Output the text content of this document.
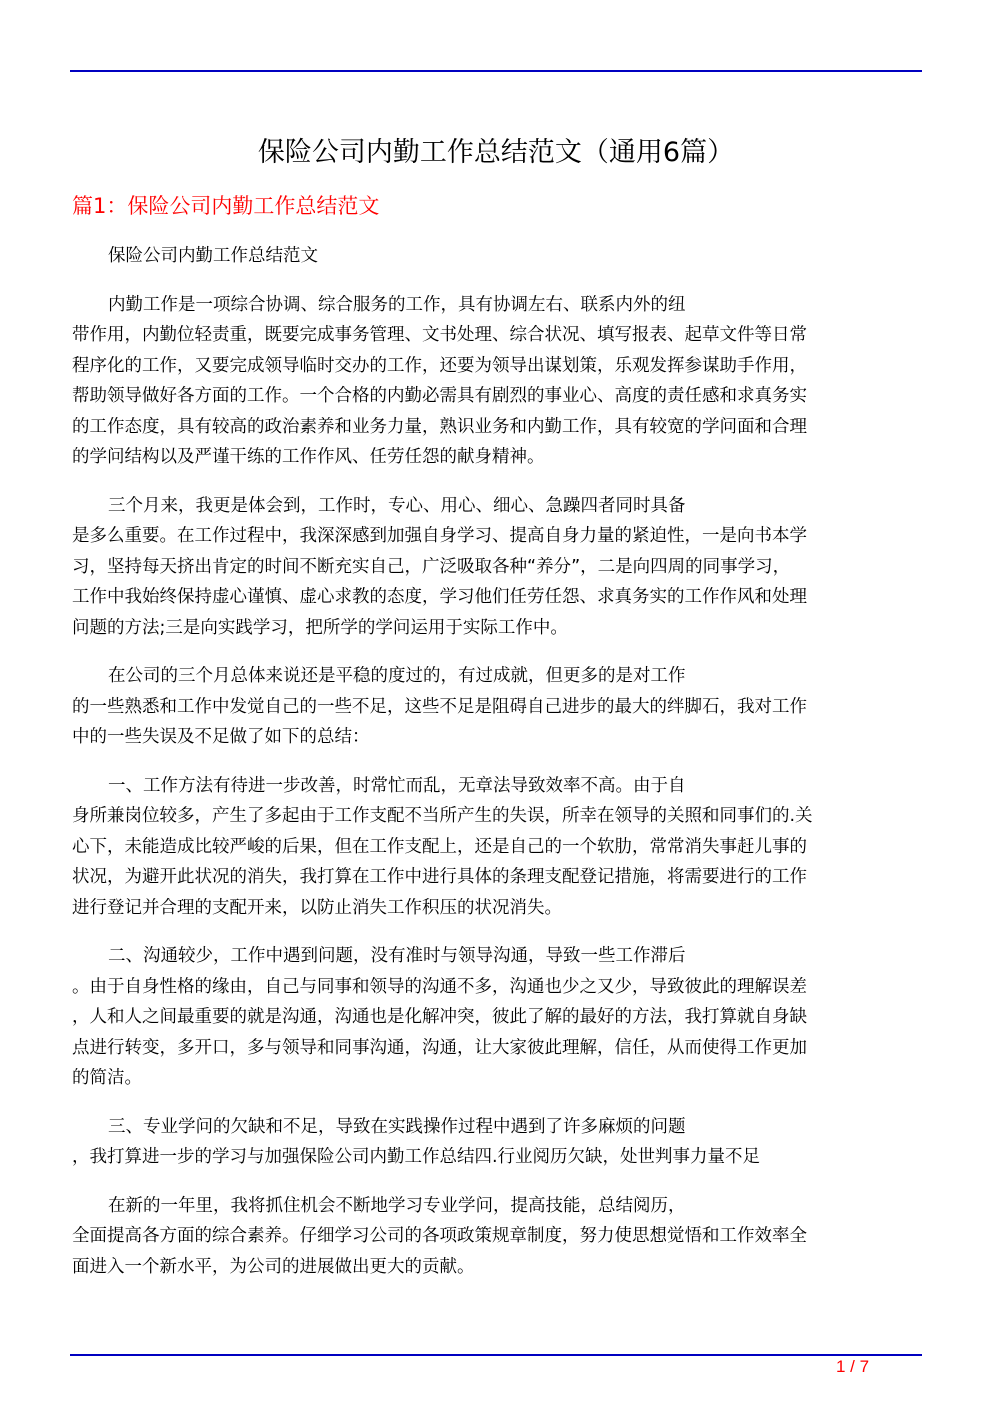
保险公司内勤工作总结范文（通用6篇）
篇1：保险公司内勤工作总结范文
保险公司内勤工作总结范文
内勤工作是一项综合协调、综合服务的工作，具有协调左右、联系内外的纽
带作用，内勤位轻责重，既要完成事务管理、文书处理、综合状况、填写报表、起草文件等日常
程序化的工作，又要完成领导临时交办的工作，还要为领导出谋划策，乐观发挥参谋助手作用，
帮助领导做好各方面的工作。一个合格的内勤必需具有剧烈的事业心、高度的责任感和求真务实
的工作态度，具有较高的政治素养和业务力量，熟识业务和内勤工作，具有较宽的学问面和合理
的学问结构以及严谨干练的工作作风、任劳任怨的献身精神。
三个月来，我更是体会到，工作时，专心、用心、细心、急躁四者同时具备
是多么重要。在工作过程中，我深深感到加强自身学习、提高自身力量的紧迫性，一是向书本学
习，坚持每天挤出肯定的时间不断充实自己，广泛吸取各种“养分”，二是向四周的同事学习，
工作中我始终保持虚心谨慎、虚心求教的态度，学习他们任劳任怨、求真务实的工作作风和处理
问题的方法;三是向实践学习，把所学的学问运用于实际工作中。
在公司的三个月总体来说还是平稳的度过的，有过成就，但更多的是对工作
的一些熟悉和工作中发觉自己的一些不足，这些不足是阻碍自己进步的最大的绊脚石，我对工作
中的一些失误及不足做了如下的总结：
一、工作方法有待进一步改善，时常忙而乱，无章法导致效率不高。由于自
身所兼岗位较多，产生了多起由于工作支配不当所产生的失误，所幸在领导的关照和同事们的.关
心下，未能造成比较严峻的后果，但在工作支配上，还是自己的一个软肋，常常消失事赶儿事的
状况，为避开此状况的消失，我打算在工作中进行具体的条理支配登记措施，将需要进行的工作
进行登记并合理的支配开来，以防止消失工作积压的状况消失。
二、沟通较少，工作中遇到问题，没有准时与领导沟通，导致一些工作滞后
。由于自身性格的缘由，自己与同事和领导的沟通不多，沟通也少之又少，导致彼此的理解误差
，人和人之间最重要的就是沟通，沟通也是化解冲突，彼此了解的最好的方法，我打算就自身缺
点进行转变，多开口，多与领导和同事沟通，沟通，让大家彼此理解，信任，从而使得工作更加
的简洁。
三、专业学问的欠缺和不足，导致在实践操作过程中遇到了许多麻烦的问题
，我打算进一步的学习与加强保险公司内勤工作总结四.行业阅历欠缺，处世判事力量不足
在新的一年里，我将抓住机会不断地学习专业学问，提高技能，总结阅历，
全面提高各方面的综合素养。仔细学习公司的各项政策规章制度，努力使思想觉悟和工作效率全
面进入一个新水平，为公司的进展做出更大的贡献。
1 / 7
